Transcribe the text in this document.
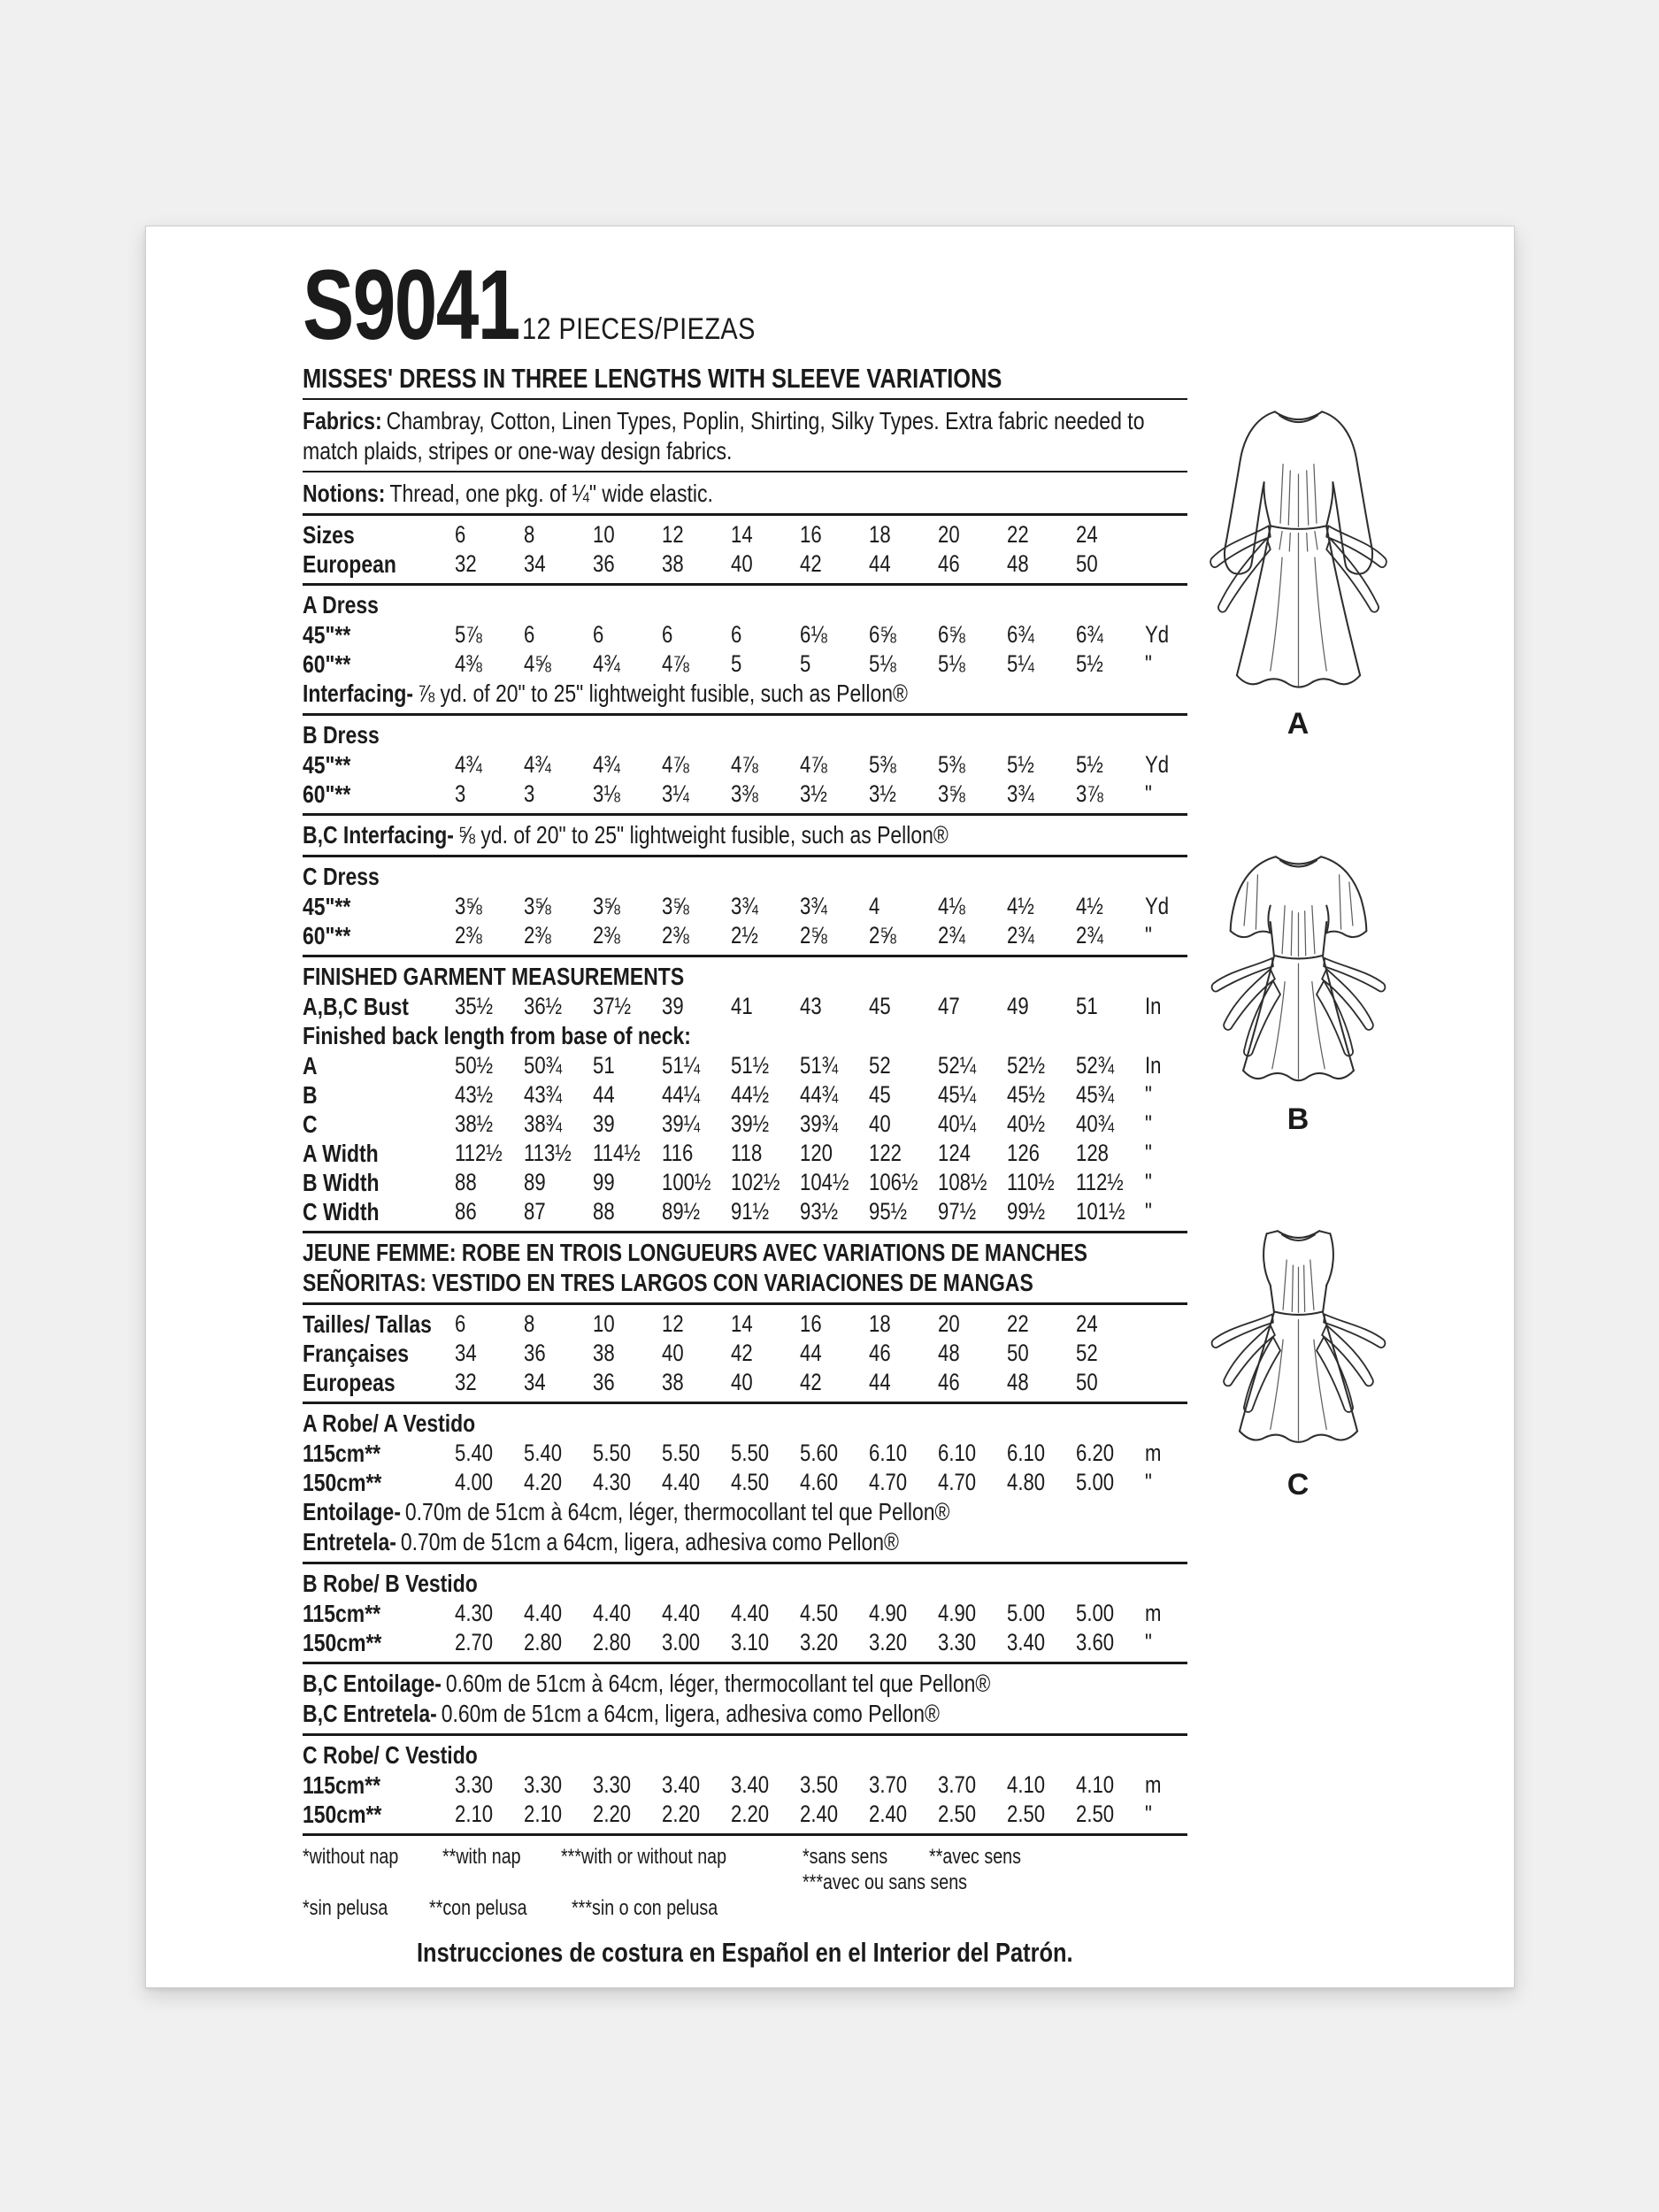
S9041 12 PIECES/PIEZAS
MISSES' DRESS IN THREE LENGTHS WITH SLEEVE VARIATIONS

Fabrics: Chambray, Cotton, Linen Types, Poplin, Shirting, Silky Types. Extra fabric needed to match plaids, stripes or one-way design fabrics.

Notions: Thread, one pkg. of ¼" wide elastic.

Sizes	6	8	10	12	14	16	18	20	22	24
European	32	34	36	38	40	42	44	46	48	50
A Dress
45"**	5⅞	6	6	6	6	6⅛	6⅝	6⅝	6¾	6¾	Yd
60"**	4⅜	4⅝	4¾	4⅞	5	5	5⅛	5⅛	5¼	5½	"
Interfacing- ⅞ yd. of 20" to 25" lightweight fusible, such as Pellon®
B Dress
45"**	4¾	4¾	4¾	4⅞	4⅞	4⅞	5⅜	5⅜	5½	5½	Yd
60"**	3	3	3⅛	3¼	3⅜	3½	3½	3⅝	3¾	3⅞	"
B,C Interfacing- ⅝ yd. of 20" to 25" lightweight fusible, such as Pellon®
C Dress
45"**	3⅝	3⅝	3⅝	3⅝	3¾	3¾	4	4⅛	4½	4½	Yd
60"**	2⅜	2⅜	2⅜	2⅜	2½	2⅝	2⅝	2¾	2¾	2¾	"
FINISHED GARMENT MEASUREMENTS
A,B,C Bust	35½	36½	37½	39	41	43	45	47	49	51	In
Finished back length from base of neck:
A	50½	50¾	51	51¼	51½	51¾	52	52¼	52½	52¾	In
B	43½	43¾	44	44¼	44½	44¾	45	45¼	45½	45¾	"
C	38½	38¾	39	39¼	39½	39¾	40	40¼	40½	40¾	"
A Width	112½ 113½ 114½ 116	118	120	122	124	126	128	"
B Width	88	89	99	100½ 102½ 104½ 106½ 108½ 110½ 112½ "
C Width	86	87	88	89½	91½	93½	95½	97½	99½	101½ "
JEUNE FEMME: ROBE EN TROIS LONGUEURS AVEC VARIATIONS DE MANCHES
SEÑORITAS: VESTIDO EN TRES LARGOS CON VARIACIONES DE MANGAS
Tailles/ Tallas 6	8	10	12	14	16	18	20	22	24
Françaises	34	36	38	40	42	44	46	48	50	52
Europeas	32	34	36	38	40	42	44	46	48	50
A Robe/ A Vestido
115cm**	5.40	5.40	5.50	5.50	5.50	5.60	6.10	6.10	6.10	6.20	m
150cm**	4.00	4.20	4.30	4.40	4.50	4.60	4.70	4.70	4.80	5.00	"
Entoilage- 0.70m de 51cm à 64cm, léger, thermocollant tel que Pellon®
Entretela- 0.70m de 51cm a 64cm, ligera, adhesiva como Pellon®
B Robe/ B Vestido
115cm**	4.30	4.40	4.40	4.40	4.40	4.50	4.90	4.90	5.00	5.00	m
150cm**	2.70	2.80	2.80	3.00	3.10	3.20	3.20	3.30	3.40	3.60	"
B,C Entoilage- 0.60m de 51cm à 64cm, léger, thermocollant tel que Pellon®
B,C Entretela- 0.60m de 51cm a 64cm, ligera, adhesiva como Pellon®
C Robe/ C Vestido
115cm**	3.30	3.30	3.30	3.40	3.40	3.50	3.70	3.70	4.10	4.10	m
150cm**	2.10	2.10	2.20	2.20	2.20	2.40	2.40	2.50	2.50	2.50	"
*without nap **with nap ***with or without nap	*sans sens **avec sens***avec ou sans sens
*sin pelusa **con pelusa ***sin o con pelusa
Instrucciones de costura en Español en el Interior del Patrón.
A
B
C
